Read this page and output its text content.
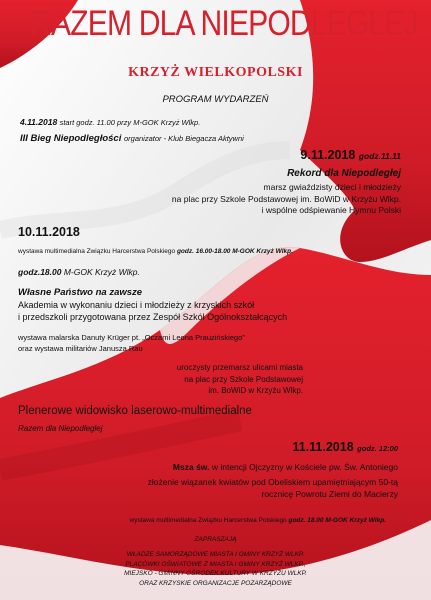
RAZEM DLA NIEPODLEGŁEJ
KRZYŻ WIELKOPOLSKI
PROGRAM WYDARZEŃ
4.11.2018 start godz. 11.00 przy M-GOK Krzyż Wlkp.
III Bieg Niepodległości organizator - Klub Biegacza Aktywni
9.11.2018 godz.11.11
Rekord dla Niepodległej
marsz gwiaździsty dzieci i młodzieży
na plac przy Szkole Podstawowej im. BoWiD w Krzyżu Wlkp.
i wspólne odśpiewanie Hymnu Polski
10.11.2018
wystawa multimedialna Związku Harcerstwa Polskiego godz. 16.00-18.00 M-GOK Krzyż Wlkp.
godz.18.00 M-GOK Krzyż Wlkp.
Własne Państwo na zawsze
Akademia w wykonaniu dzieci i młodzieży z krzyskich szkół
i przedszkoli przygotowana przez Zespół Szkół Ogólnokształcących
wystawa malarska Danuty Krüger pt. „Oczami Leona Prauzińskiego”
oraz wystawa militariów Janusza Rau
uroczysty przemarsz ulicami miasta
na plac przy Szkole Podstawowej
im. BoWiD w Krzyżu Wlkp.
Plenerowe widowisko laserowo-multimedialne
Razem dla Niepodległej
11.11.2018 godz. 12:00
Msza św. w intencji Ojczyzny w Kościele pw. Św. Antoniego
złożenie wiązanek kwiatów pod Obeliskiem upamiętniającym 50-tą
rocznicę Powrotu Ziemi do Macierzy
wystawa multimedialna Związku Harcerstwa Polskiego godz. 18.00 M-GOK Krzyż Wlkp.
ZAPRASZAJĄ
WŁADZE SAMORZĄDOWE MIASTA I GMINY KRZYŻ WLKP.
PLACÓWKI OŚWIATOWE Z MIASTA I GMINY KRZYŻ WLKP.,
MIEJSKO - GMINNY OŚRODEK KULTURY W KRZYŻU WLKP.
ORAZ KRZYSKIE ORGANIZACJE POZARZĄDOWE
